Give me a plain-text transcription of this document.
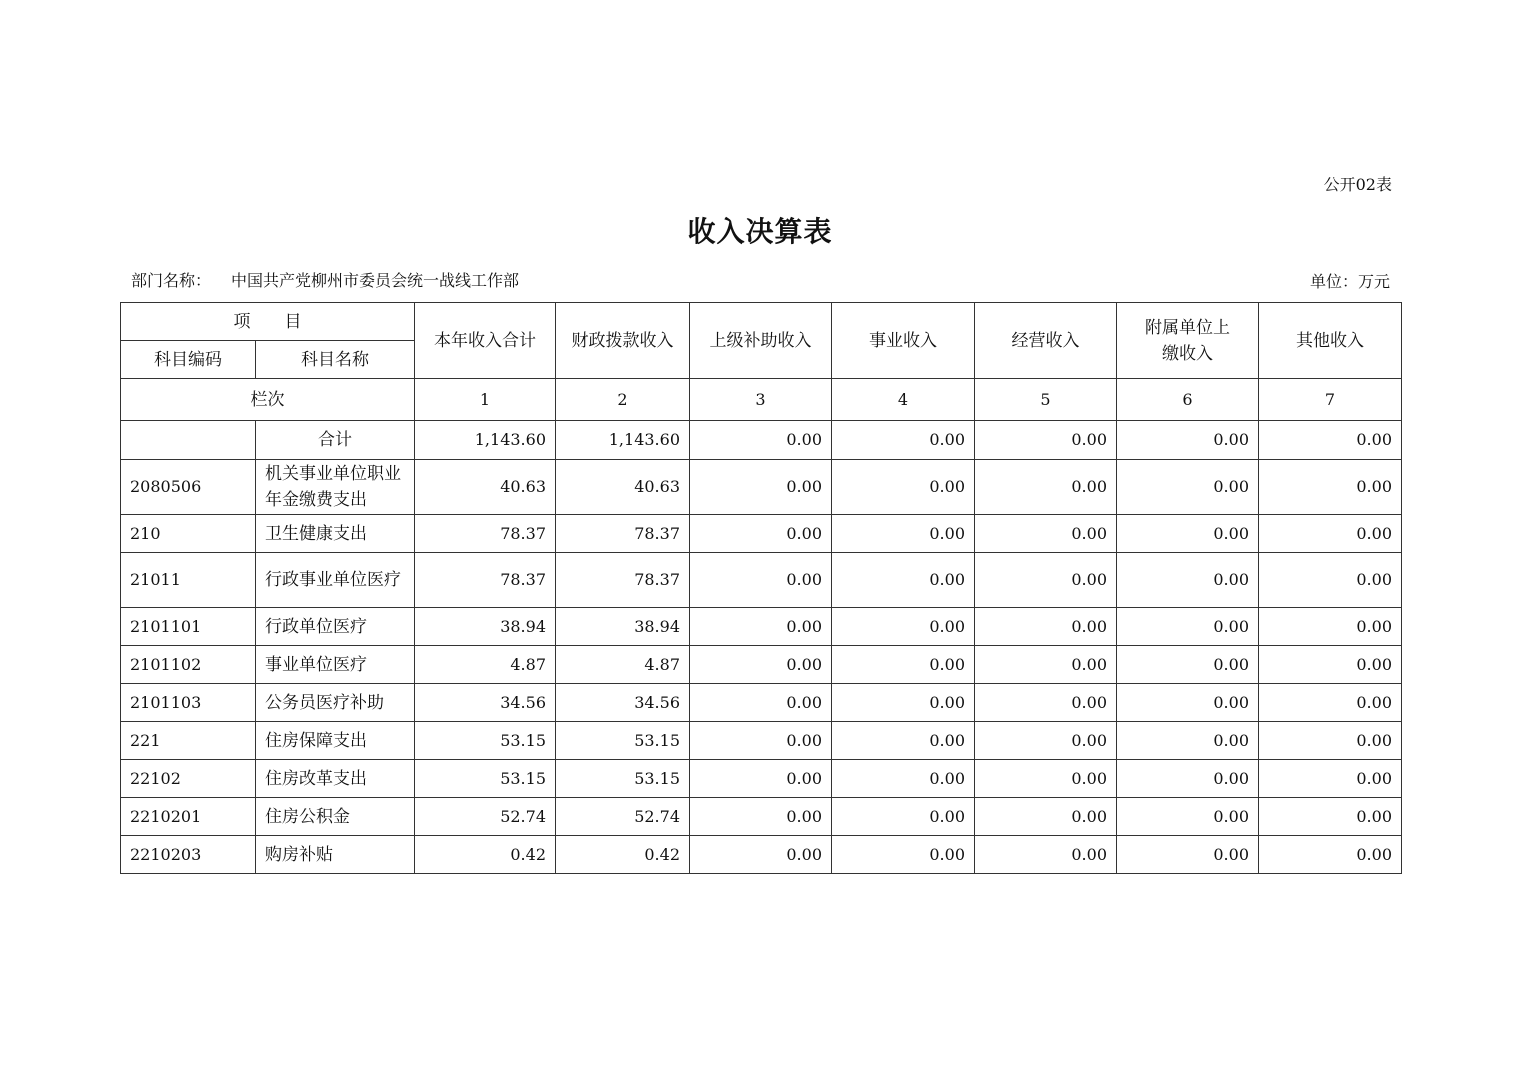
公开02表
收入决算表
部门名称： 中国共产党柳州市委员会统一战线工作部	单位：万元
项　　目		本年收入合计	财政拨款收入	上级补助收入	事业收入	经营收入	附属单位上缴收入	其他收入
科目编码	科目名称							
栏次		1	2	3	4	5	6	7
	合计	1,143.60	1,143.60	0.00	0.00	0.00	0.00	0.00
2080506	机关事业单位职业年金缴费支出	40.63	40.63	0.00	0.00	0.00	0.00	0.00
210	卫生健康支出	78.37	78.37	0.00	0.00	0.00	0.00	0.00
21011	行政事业单位医疗	78.37	78.37	0.00	0.00	0.00	0.00	0.00
2101101	行政单位医疗	38.94	38.94	0.00	0.00	0.00	0.00	0.00
2101102	事业单位医疗	4.87	4.87	0.00	0.00	0.00	0.00	0.00
2101103	公务员医疗补助	34.56	34.56	0.00	0.00	0.00	0.00	0.00
221	住房保障支出	53.15	53.15	0.00	0.00	0.00	0.00	0.00
22102	住房改革支出	53.15	53.15	0.00	0.00	0.00	0.00	0.00
2210201	住房公积金	52.74	52.74	0.00	0.00	0.00	0.00	0.00
2210203	购房补贴	0.42	0.42	0.00	0.00	0.00	0.00	0.00
